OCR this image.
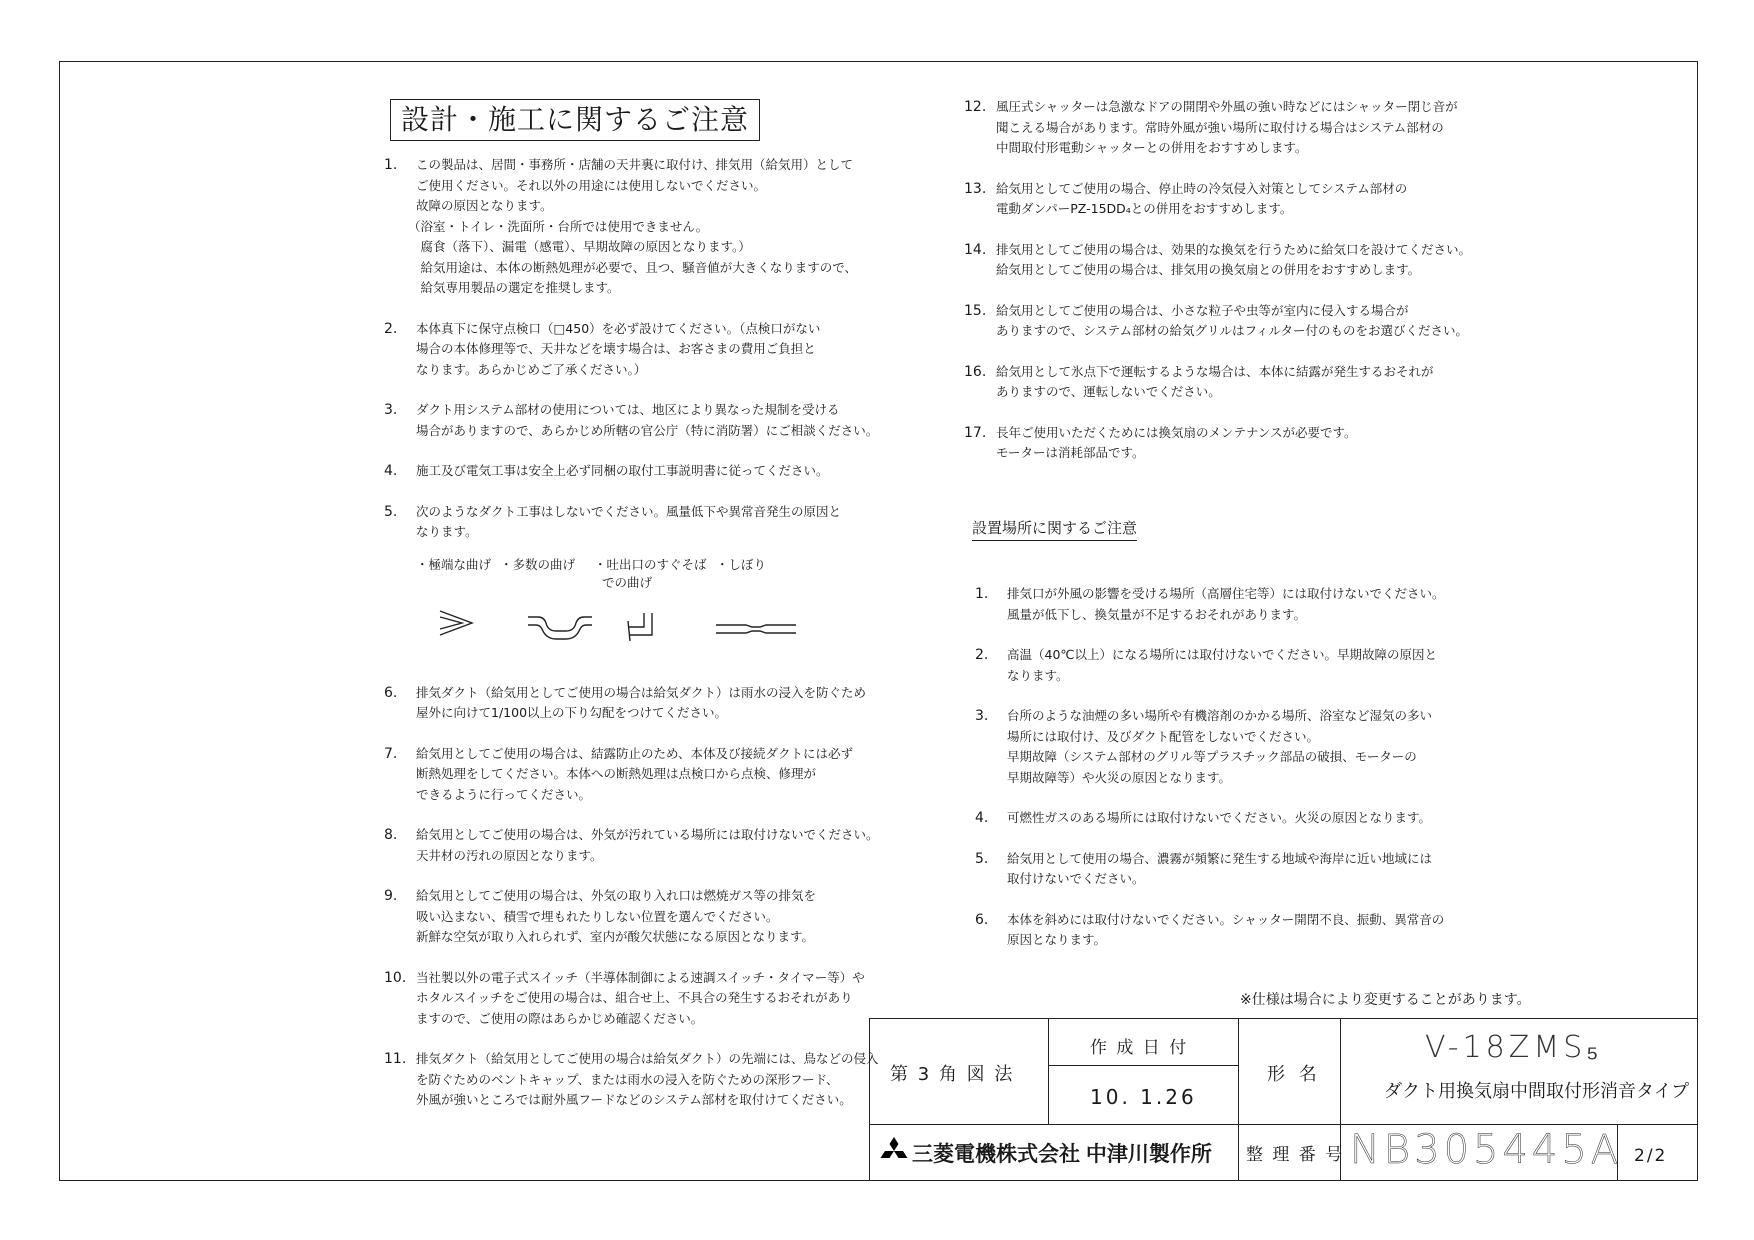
設計・施工に関するご注意
1. この製品は、居間・事務所・店舗の天井裏に取付け、排気用（給気用）として
ご使用ください。それ以外の用途には使用しないでください。
故障の原因となります。
（浴室・トイレ・洗面所・台所では使用できません。
　腐食（落下）、漏電（感電）、早期故障の原因となります。）
　給気用途は、本体の断熱処理が必要で、且つ、騒音値が大きくなりますので、
　給気専用製品の選定を推奨します。
2. 本体真下に保守点検口（□450）を必ず設けてください。（点検口がない
場合の本体修理等で、天井などを壊す場合は、お客さまの費用ご負担と
なります。あらかじめご了承ください。）
3. ダクト用システム部材の使用については、地区により異なった規制を受ける
場合がありますので、あらかじめ所轄の官公庁（特に消防署）にご相談ください。
4. 施工及び電気工事は安全上必ず同梱の取付工事説明書に従ってください。
5. 次のようなダクト工事はしないでください。風量低下や異常音発生の原因と
なります。
・極端な曲げ ・多数の曲げ ・吐出口のすぐそば
での曲げ
・しぼり
6. 排気ダクト（給気用としてご使用の場合は給気ダクト）は雨水の浸入を防ぐため
屋外に向けて1/100以上の下り勾配をつけてください。
7. 給気用としてご使用の場合は、結露防止のため、本体及び接続ダクトには必ず
断熱処理をしてください。本体への断熱処理は点検口から点検、修理が
できるように行ってください。
8. 給気用としてご使用の場合は、外気が汚れている場所には取付けないでください。
天井材の汚れの原因となります。
9. 給気用としてご使用の場合は、外気の取り入れ口は燃焼ガス等の排気を
吸い込まない、積雪で埋もれたりしない位置を選んでください。
新鮮な空気が取り入れられず、室内が酸欠状態になる原因となります。
10. 当社製以外の電子式スイッチ（半導体制御による速調スイッチ・タイマー等）や
ホタルスイッチをご使用の場合は、組合せ上、不具合の発生するおそれがあり
ますので、ご使用の際はあらかじめ確認ください。
11. 排気ダクト（給気用としてご使用の場合は給気ダクト）の先端には、鳥などの侵入
を防ぐためのベントキャップ、または雨水の浸入を防ぐための深形フード、
外風が強いところでは耐外風フードなどのシステム部材を取付けてください。
12. 風圧式シャッターは急激なドアの開閉や外風の強い時などにはシャッター閉じ音が
聞こえる場合があります。常時外風が強い場所に取付ける場合はシステム部材の
中間取付形電動シャッターとの併用をおすすめします。
13. 給気用としてご使用の場合、停止時の冷気侵入対策としてシステム部材の
電動ダンパーPZ-15DD₄との併用をおすすめします。
14. 排気用としてご使用の場合は、効果的な換気を行うために給気口を設けてください。
給気用としてご使用の場合は、排気用の換気扇との併用をおすすめします。
15. 給気用としてご使用の場合は、小さな粒子や虫等が室内に侵入する場合が
ありますので、システム部材の給気グリルはフィルター付のものをお選びください。
16. 給気用として氷点下で運転するような場合は、本体に結露が発生するおそれが
ありますので、運転しないでください。
17. 長年ご使用いただくためには換気扇のメンテナンスが必要です。
モーターは消耗部品です。
設置場所に関するご注意
1. 排気口が外風の影響を受ける場所（高層住宅等）には取付けないでください。
風量が低下し、換気量が不足するおそれがあります。
2. 高温（40℃以上）になる場所には取付けないでください。早期故障の原因と
なります。
3. 台所のような油煙の多い場所や有機溶剤のかかる場所、浴室など湿気の多い
場所には取付け、及びダクト配管をしないでください。
早期故障（システム部材のグリル等プラスチック部品の破損、モーターの
早期故障等）や火災の原因となります。
4. 可燃性ガスのある場所には取付けないでください。火災の原因となります。
5. 給気用として使用の場合、濃霧が頻繁に発生する地域や海岸に近い地域には
取付けないでください。
6. 本体を斜めには取付けないでください。シャッター開閉不良、振動、異常音の
原因となります。
※仕様は場合により変更することがあります。
第 3 角 図 法
作 成 日 付
10. 1.26
形 名
V-18ZMS₅
ダクト用換気扇中間取付形消音タイプ
三菱電機株式会社 中津川製作所 整 理 番 号 NB305445A 2/2
